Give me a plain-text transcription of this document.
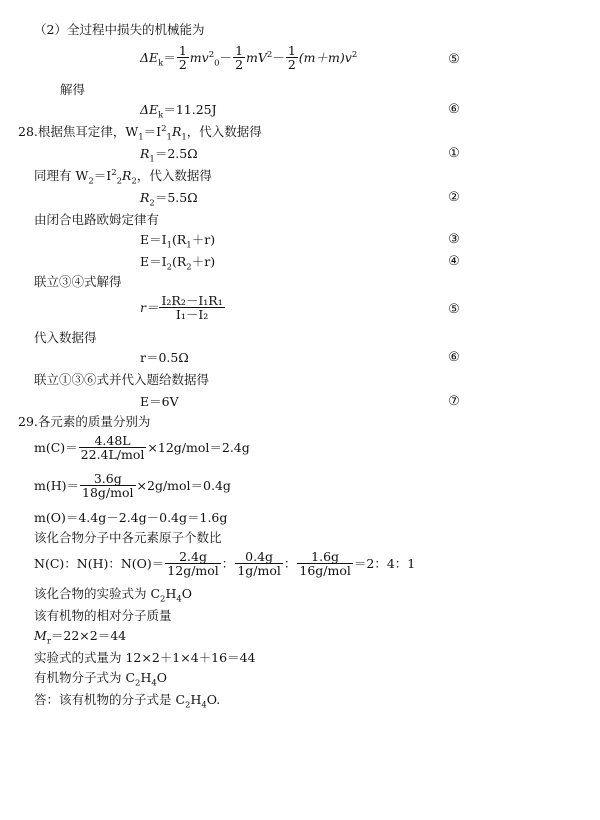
（2）全过程中损失的机械能为
$\Delta E_k= \frac{1}{2} mv^2_0- \frac{1}{2} mV^2- \frac{1}{2} (m+m)v^2$	⑤
解得
$\Delta E_k=11.25J$	⑥
28.根据焦耳定律，$W_1=I^2_1R_1$，代入数据得
$R_1=2.5\Omega$	①
同理有 $W_2=I^2_2R_2$，代入数据得
$R_2=5.5\Omega$	②
由闭合电路欧姆定律有
$E=I_1(R_1+r)$	③
$E=I_2(R_2+r)$	④
联立③④式解得
$r= \frac{\text{I₂R₂－I₁R₁}}{\text{I₁－I₂}}$	⑤
代入数据得
r＝0.5Ω	⑥
联立①③⑥式并代入题给数据得
E＝6V	⑦
29.各元素的质量分别为
$m(C)= \frac{4.48L}{\text{22.4L/mol}} \times 12g/mol=2.4g$
$m(H)= \frac{3.6g}{\text{18g/mol}} \times 2g/mol=0.4g$
m(O)＝4.4g－2.4g－0.4g＝1.6g
该化合物分子中各元素原子个数比
N(C)：N(H)：$N(O)= \frac{2.4g}{\text{12g/mol}}$ ： $\frac{0.4g}{\text{1g/mol}}$ ： $\frac{1.6g}{\text{16g/mol}} =2$：4：1
该化合物的实验式为 $C_2H_4O$
该有机物的相对分子质量
$M_r=22\times 2=44$
实验式的式量为 12×2＋1×4＋16＝44
有机物分子式为 $C_2H_4O$
答：该有机物的分子式是 $C_2H_4O$.
